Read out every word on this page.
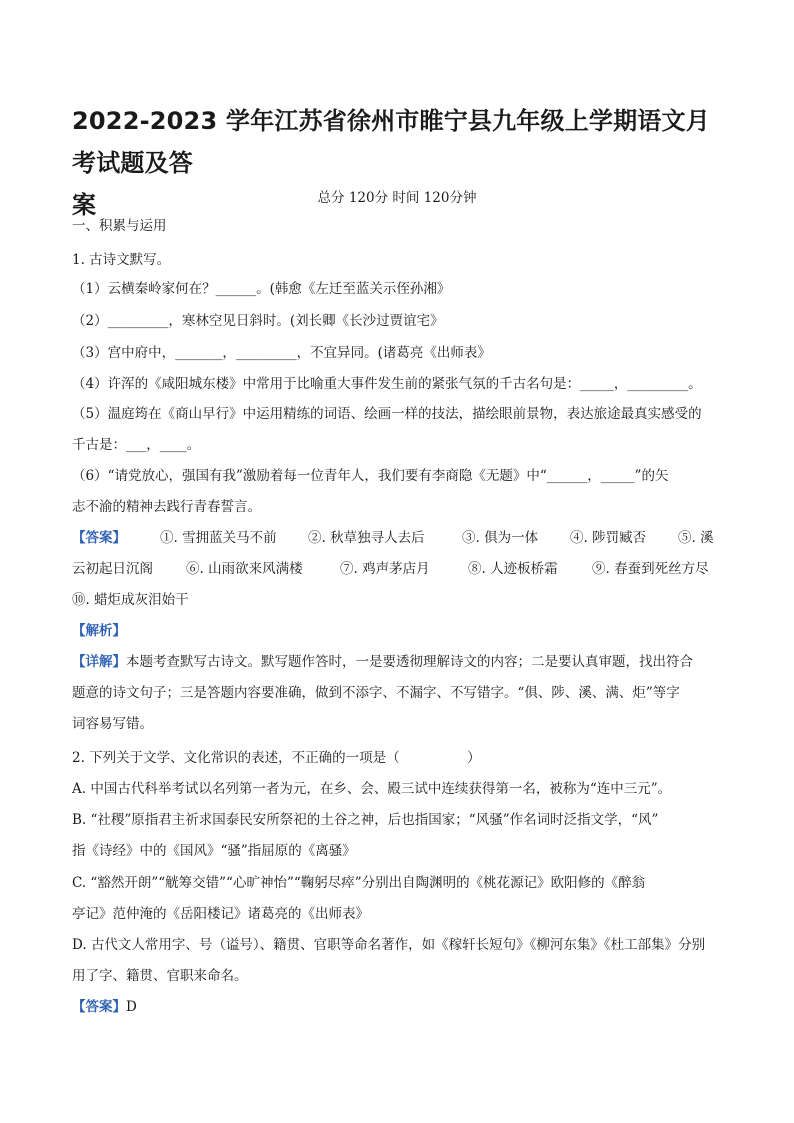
2022-2023 学年江苏省徐州市睢宁县九年级上学期语文月考试题及答
案	总分 120分 时间 120分钟
一、积累与运用
1. 古诗文默写。
（1）云横秦岭家何在？______。(韩愈《左迁至蓝关示侄孙湘》
（2）_________，寒林空见日斜时。(刘长卿《长沙过贾谊宅》
（3）宫中府中，_______，_________，不宜异同。(诸葛亮《出师表》
（4）许浑的《咸阳城东楼》中常用于比喻重大事件发生前的紧张气氛的千古名句是：_____，_________。
（5）温庭筠在《商山早行》中运用精练的词语、绘画一样的技法，描绘眼前景物，表达旅途最真实感受的
千古是：___，____。
（6）“请党放心，强国有我”激励着每一位青年人，我们要有李商隐《无题》中“______，_____”的矢
志不渝的精神去践行青春誓言。
【答案】	①. 雪拥蓝关马不前 ②. 秋草独寻人去后	③. 俱为一体 ④. 陟罚臧否 ⑤. 溪
云初起日沉阁 ⑥. 山雨欲来风满楼	⑦. 鸡声茅店月	⑧. 人迹板桥霜	⑨. 春蚕到死丝方尽
⑩. 蜡炬成灰泪始干
【解析】
【详解】本题考查默写古诗文。默写题作答时，一是要透彻理解诗文的内容；二是要认真审题，找出符合
题意的诗文句子；三是答题内容要准确，做到不添字、不漏字、不写错字。“俱、陟、溪、满、炬”等字
词容易写错。
2. 下列关于文学、文化常识的表述，不正确的一项是（　　　　　）
A. 中国古代科举考试以名列第一者为元，在乡、会、殿三试中连续获得第一名，被称为“连中三元”。
B. “社稷”原指君主祈求国泰民安所祭祀的土谷之神，后也指国家；“风骚”作名词时泛指文学，“风”
指《诗经》中的《国风》“骚”指屈原的《离骚》
C. “豁然开朗”“觥筹交错”“心旷神怡”“鞠躬尽瘁”分别出自陶渊明的《桃花源记》欧阳修的《醉翁
亭记》范仲淹的《岳阳楼记》诸葛亮的《出师表》
D. 古代文人常用字、号（谥号）、籍贯、官职等命名著作，如《稼轩长短句》《柳河东集》《杜工部集》分别
用了字、籍贯、官职来命名。
【答案】D
